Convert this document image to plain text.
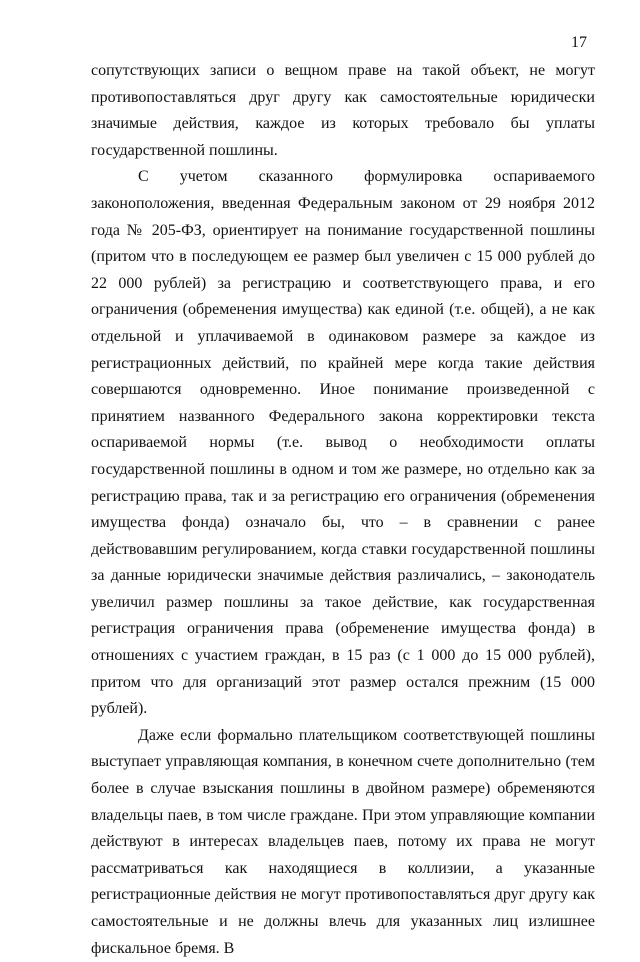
17

сопутствующих записи о вещном праве на такой объект, не могут противопоставляться друг другу как самостоятельные юридически значимые действия, каждое из которых требовало бы уплаты государственной пошлины.

С учетом сказанного формулировка оспариваемого законоположения, введенная Федеральным законом от 29 ноября 2012 года № 205-ФЗ, ориентирует на понимание государственной пошлины (притом что в последующем ее размер был увеличен с 15 000 рублей до 22 000 рублей) за регистрацию и соответствующего права, и его ограничения (обременения имущества) как единой (т.е. общей), а не как отдельной и уплачиваемой в одинаковом размере за каждое из регистрационных действий, по крайней мере когда такие действия совершаются одновременно. Иное понимание произведенной с принятием названного Федерального закона корректировки текста оспариваемой нормы (т.е. вывод о необходимости оплаты государственной пошлины в одном и том же размере, но отдельно как за регистрацию права, так и за регистрацию его ограничения (обременения имущества фонда) означало бы, что – в сравнении с ранее действовавшим регулированием, когда ставки государственной пошлины за данные юридически значимые действия различались, – законодатель увеличил размер пошлины за такое действие, как государственная регистрация ограничения права (обременение имущества фонда) в отношениях с участием граждан, в 15 раз (с 1 000 до 15 000 рублей), притом что для организаций этот размер остался прежним (15 000 рублей).

Даже если формально плательщиком соответствующей пошлины выступает управляющая компания, в конечном счете дополнительно (тем более в случае взыскания пошлины в двойном размере) обременяются владельцы паев, в том числе граждане. При этом управляющие компании действуют в интересах владельцев паев, потому их права не могут рассматриваться как находящиеся в коллизии, а указанные регистрационные действия не могут противопоставляться друг другу как самостоятельные и не должны влечь для указанных лиц излишнее фискальное бремя. В
